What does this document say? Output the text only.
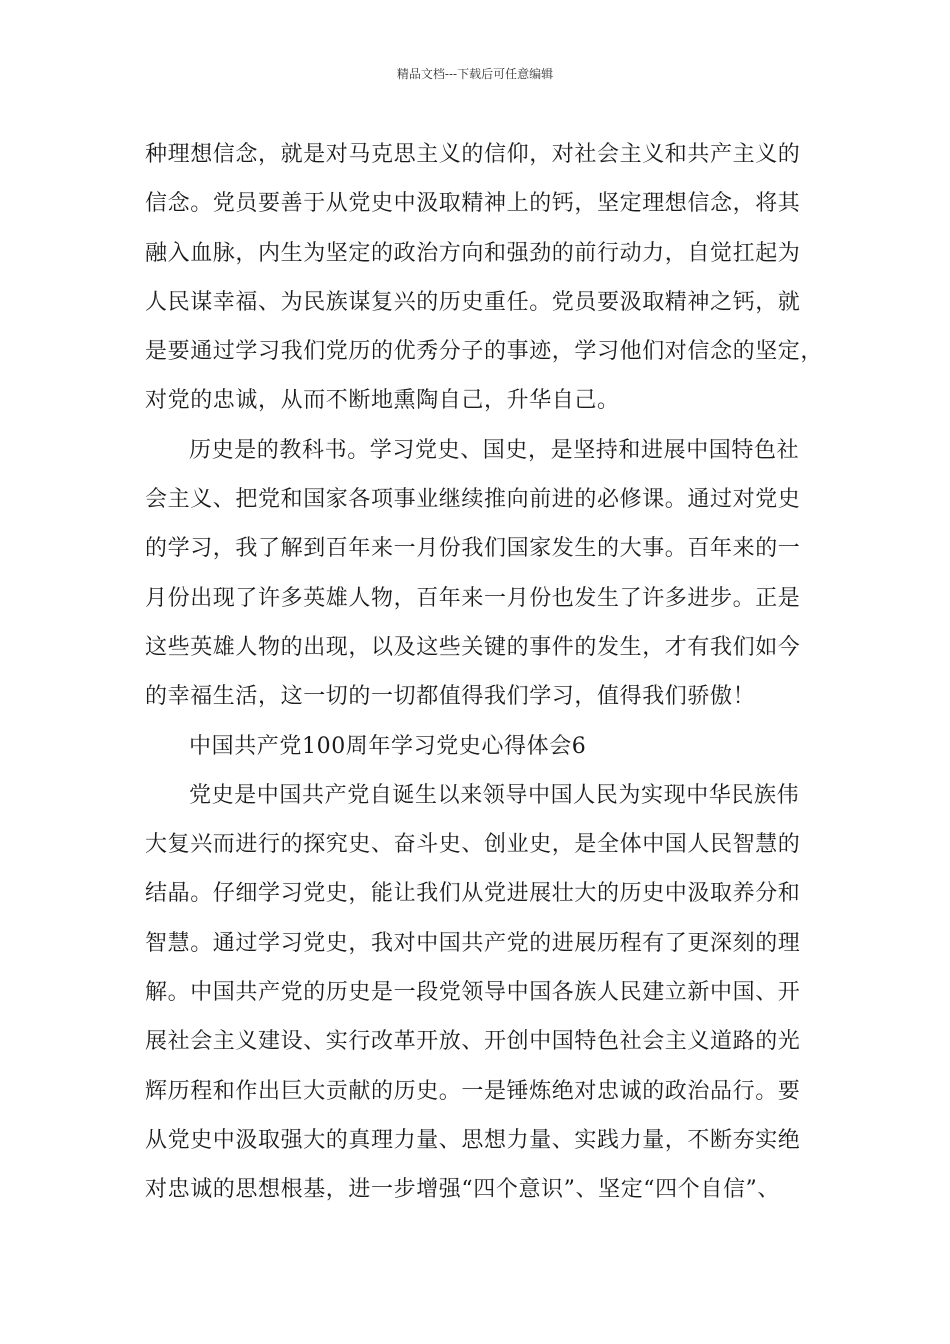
精品文档---下载后可任意编辑
种理想信念，就是对马克思主义的信仰，对社会主义和共产主义的
信念。党员要善于从党史中汲取精神上的钙，坚定理想信念，将其
融入血脉，内生为坚定的政治方向和强劲的前行动力，自觉扛起为
人民谋幸福、为民族谋复兴的历史重任。党员要汲取精神之钙，就
是要通过学习我们党历的优秀分子的事迹，学习他们对信念的坚定，
对党的忠诚，从而不断地熏陶自己，升华自己。
历史是的教科书。学习党史、国史，是坚持和进展中国特色社
会主义、把党和国家各项事业继续推向前进的必修课。通过对党史
的学习，我了解到百年来一月份我们国家发生的大事。百年来的一
月份出现了许多英雄人物，百年来一月份也发生了许多进步。正是
这些英雄人物的出现，以及这些关键的事件的发生，才有我们如今
的幸福生活，这一切的一切都值得我们学习，值得我们骄傲！
中国共产党100周年学习党史心得体会6
党史是中国共产党自诞生以来领导中国人民为实现中华民族伟
大复兴而进行的探究史、奋斗史、创业史，是全体中国人民智慧的
结晶。仔细学习党史，能让我们从党进展壮大的历史中汲取养分和
智慧。通过学习党史，我对中国共产党的进展历程有了更深刻的理
解。中国共产党的历史是一段党领导中国各族人民建立新中国、开
展社会主义建设、实行改革开放、开创中国特色社会主义道路的光
辉历程和作出巨大贡献的历史。一是锤炼绝对忠诚的政治品行。要
从党史中汲取强大的真理力量、思想力量、实践力量，不断夯实绝
对忠诚的思想根基，进一步增强“四个意识”、坚定“四个自信”、
